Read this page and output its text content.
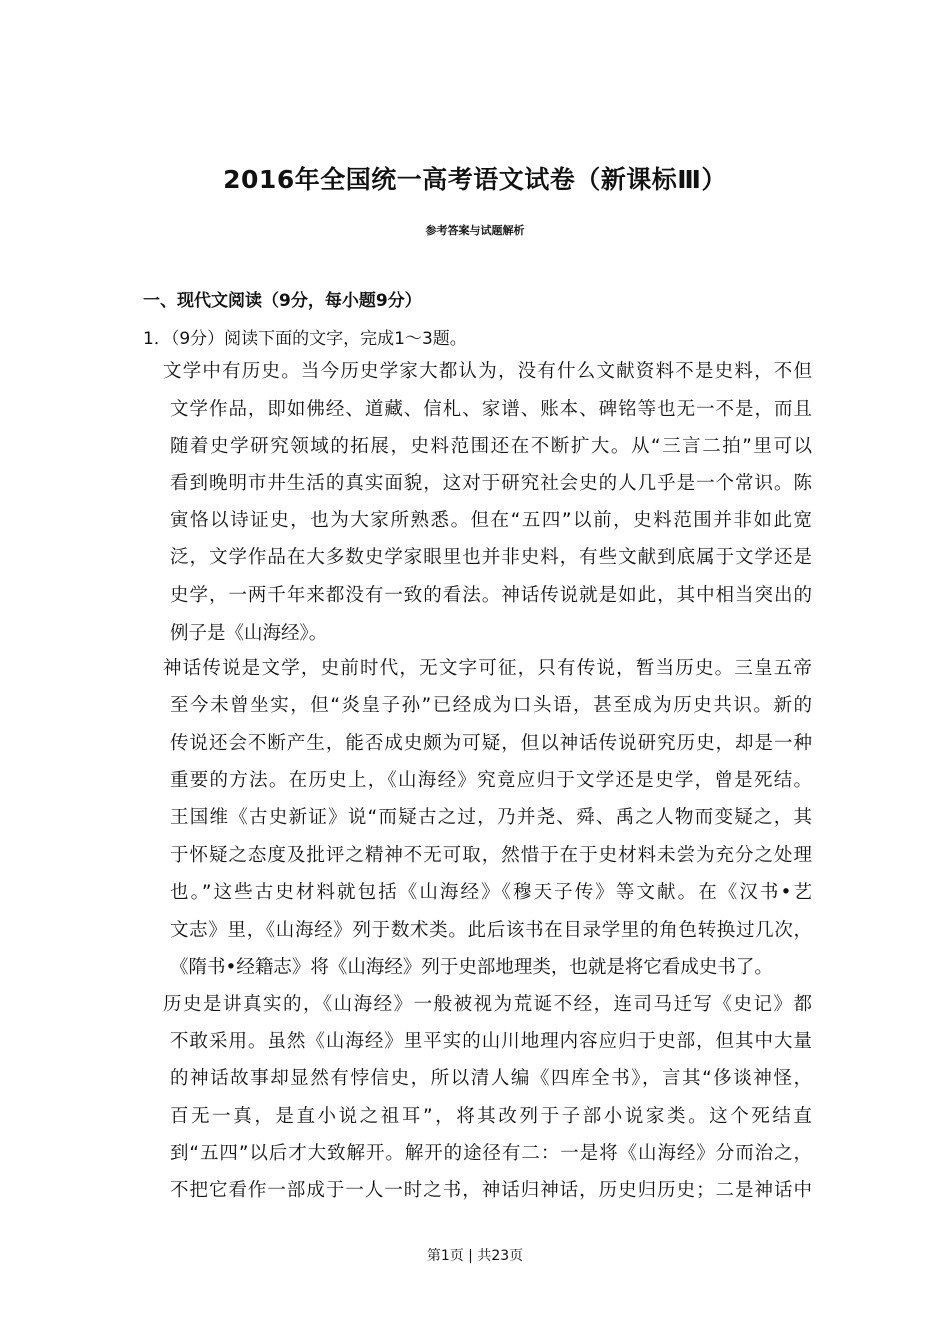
2016年全国统一高考语文试卷（新课标Ⅲ）
参考答案与试题解析
一、现代文阅读（9分，每小题9分）
1．（9分）阅读下面的文字，完成1～3题。
文学中有历史。当今历史学家大都认为，没有什么文献资料不是史料，不但
文学作品，即如佛经、道藏、信札、家谱、账本、碑铭等也无一不是，而且
随着史学研究领域的拓展，史料范围还在不断扩大。从“三言二拍”里可以
看到晚明市井生活的真实面貌，这对于研究社会史的人几乎是一个常识。陈
寅恪以诗证史，也为大家所熟悉。但在“五四”以前，史料范围并非如此宽
泛，文学作品在大多数史学家眼里也并非史料，有些文献到底属于文学还是
史学，一两千年来都没有一致的看法。神话传说就是如此，其中相当突出的
例子是《山海经》。
神话传说是文学，史前时代，无文字可征，只有传说，暂当历史。三皇五帝
至今未曾坐实，但“炎皇子孙”已经成为口头语，甚至成为历史共识。新的
传说还会不断产生，能否成史颇为可疑，但以神话传说研究历史，却是一种
重要的方法。在历史上，《山海经》究竟应归于文学还是史学，曾是死结。
王国维《古史新证》说“而疑古之过，乃并尧、舜、禹之人物而变疑之，其
于怀疑之态度及批评之精神不无可取，然惜于在于史材料未尝为充分之处理
也。”这些古史材料就包括《山海经》《穆天子传》等文献。在《汉书•艺
文志》里，《山海经》列于数术类。此后该书在目录学里的角色转换过几次，
《隋书•经籍志》将《山海经》列于史部地理类，也就是将它看成史书了。
历史是讲真实的，《山海经》一般被视为荒诞不经，连司马迁写《史记》都
不敢采用。虽然《山海经》里平实的山川地理内容应归于史部，但其中大量
的神话故事却显然有悖信史，所以清人编《四库全书》，言其“侈谈神怪，
百无一真，是直小说之祖耳”，将其改列于子部小说家类。这个死结直
到“五四”以后才大致解开。解开的途径有二：一是将《山海经》分而治之，
不把它看作一部成于一人一时之书，神话归神话，历史归历史；二是神话中
第1页 | 共23页
